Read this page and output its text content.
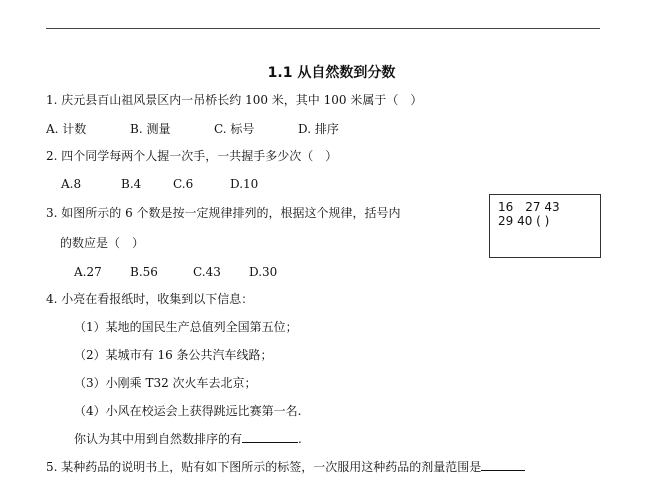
1.1 从自然数到分数
1. 庆元县百山祖风景区内一吊桥长约 100 米，其中 100 米属于（　）
A. 计数	B. 测量	C. 标号	D. 排序
2. 四个同学每两个人握一次手，一共握手多少次（　）
A.8	B.4	C.6	D.10
3. 如图所示的 6 个数是按一定规律排列的，根据这个规律，括号内
的数应是（　）
16　27 43
29 40 ( )
A.27 B.56	C.43 D.30
4. 小亮在看报纸时，收集到以下信息：
（1）某地的国民生产总值列全国第五位；
（2）某城市有 16 条公共汽车线路；
（3）小刚乘 T32 次火车去北京；
（4）小风在校运会上获得跳远比赛第一名.
你认为其中用到自然数排序的有	.
5. 某种药品的说明书上，贴有如下图所示的标签，一次服用这种药品的剂量范围是
